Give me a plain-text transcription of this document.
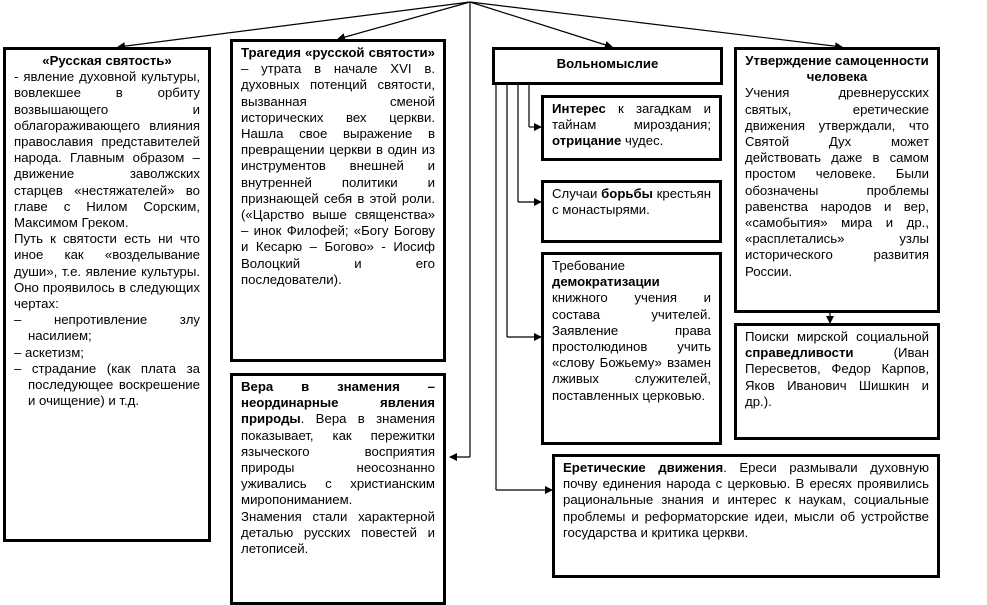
«Русская святость»

- явление духовной культуры, вовлекшее в орбиту возвышающего и облагораживающего влияния православия представителей народа. Главным образом – движение заволжских старцев «нестяжателей» во главе с Нилом Сорским, Максимом Греком.

Путь к святости есть ни что иное как «возделывание души», т.е. явление культуры. Оно проявилось в следующих чертах:

– непротивление злу насилием;
– аскетизм;
– страдание (как плата за последующее воскрешение и очищение) и т.д.

Трагедия «русской святости» – утрата в начале XVI в. духовных потенций святости, вызванная сменой исторических вех церкви. Нашла свое выражение в превращении церкви в один из инструментов внешней и внутренней политики и признающей себя в этой роли. («Царство выше священства» – инок Филофей; «Богу Богову и Кесарю – Богово» - Иосиф Волоцкий и его последователи).

Вера в знамения – неординарные явления природы. Вера в знамения показывает, как пережитки языческого восприятия природы неосознанно уживались с христианским миропониманием.

Знамения стали характерной деталью русских повестей и летописей.

Вольномыслие

Интерес к загадкам и тайнам мироздания; отрицание чудес.

Случаи борьбы крестьян с монастырями.

Требование демократизации книжного учения и состава учителей. Заявление права простолюдинов учить «слову Божьему» взамен лживых служителей, поставленных церковью.

Утверждение самоценности человека

Учения древнерусских святых, еретические движения утверждали, что Святой Дух может действовать даже в самом простом человеке. Были обозначены проблемы равенства народов и вер, «самобытия» мира и др., «расплетались» узлы исторического развития России.

Поиски мирской социальной справедливости (Иван Пересветов, Федор Карпов, Яков Иванович Шишкин и др.).

Еретические движения. Ереси размывали духовную почву единения народа с церковью. В ересях проявились рациональные знания и интерес к наукам, социальные проблемы и реформаторские идеи, мысли об устройстве государства и критика церкви.
